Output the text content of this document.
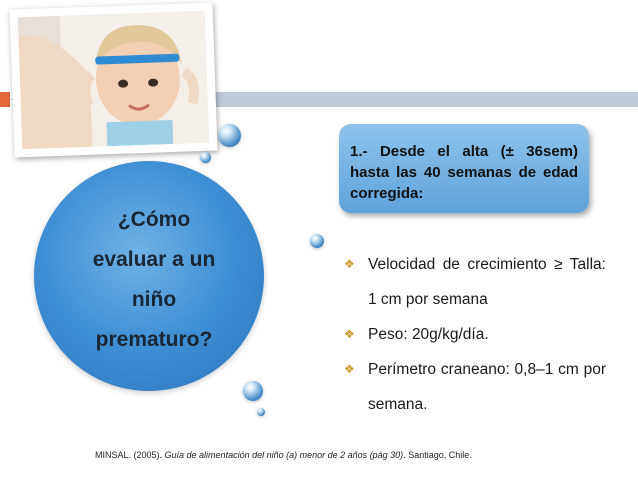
¿Cómo
evaluar a un
niño
prematuro?
1.- Desde el alta (± 36sem) hasta las 40 semanas de edad corregida:
❖ Velocidad de crecimiento ≥ Talla: 1 cm por semana
❖ Peso: 20g/kg/día.
❖ Perímetro craneano: 0,8–1 cm por semana.
MINSAL. (2005). Guía de alimentación del niño (a) menor de 2 años (pág 30). Santiago, Chile.
